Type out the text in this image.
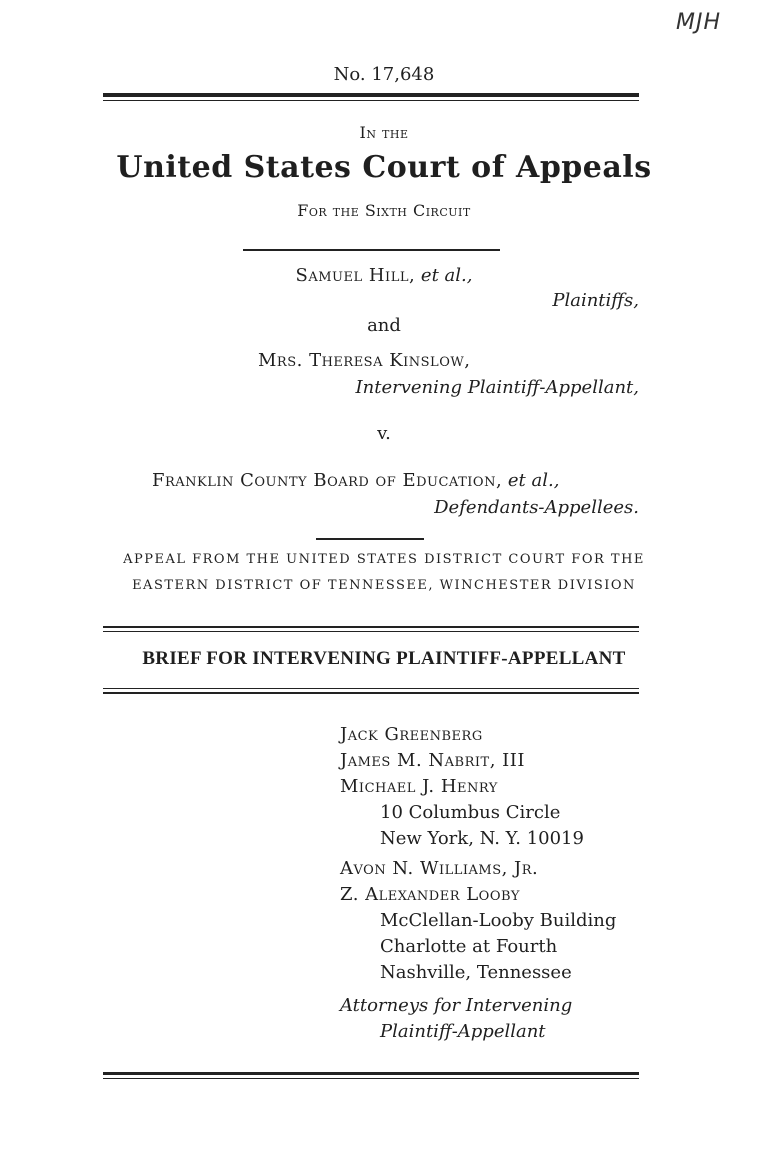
MJH
No. 17,648
In the
United States Court of Appeals
For the Sixth Circuit
Samuel Hill, et al.,
Plaintiffs,
and
Mrs. Theresa Kinslow,
Intervening Plaintiff-Appellant,
v.
Franklin County Board of Education, et al.,
Defendants-Appellees.
APPEAL FROM THE UNITED STATES DISTRICT COURT FOR THE
EASTERN DISTRICT OF TENNESSEE, WINCHESTER DIVISION
BRIEF FOR INTERVENING PLAINTIFF-APPELLANT
Jack Greenberg
James M. Nabrit, III
Michael J. Henry
10 Columbus Circle
New York, N. Y. 10019
Avon N. Williams, Jr.
Z. Alexander Looby
McClellan-Looby Building
Charlotte at Fourth
Nashville, Tennessee
Attorneys for Intervening
Plaintiff-Appellant
